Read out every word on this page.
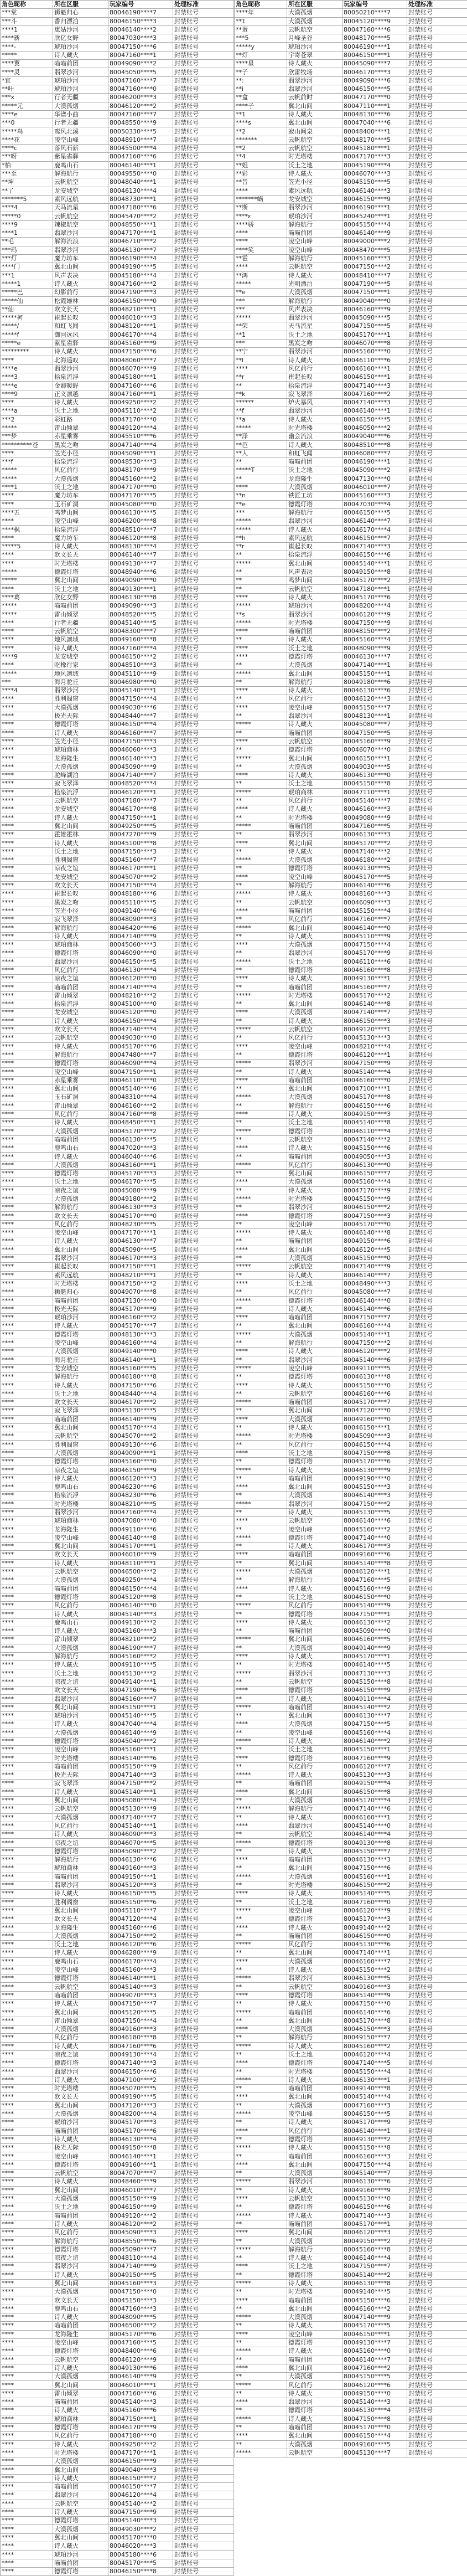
角色昵称	所在区服	玩家编号	处理标准
***棠	狮魁归心	80046190****7	封禁账号
***斗	香归漂泊	80046150****3	封禁账号
****1	崽姑沙河	80046140****2	封禁账号
****新	欣亿女野	80047030****3	封禁账号
****-	琥珀沙河	80047150****6	封禁账号
*****	诗人藏火	80047160****1	封禁账号
****翼	喵喵前团	80049090****2	封禁账号
****灵	翡翠沙河	80045050****5	封禁账号
*宜	琥珀沙河	80047160****7	封禁账号
**叶	琥珀沙河	80047160****0	封禁账号
***x	行者无疆	80046200****3	封禁账号
*****元	大漠孤烟	80046120****2	封禁账号
****e	华谱小曲	80047160****7	封禁账号
***0	行者无疆	80048550****9	封禁账号
*****鸟	鸾风北溪	80050330****5	封禁账号
****花	凌空山峰	80048910****7	封禁账号
****c	落风石新	80045500****4	封禁账号
***呀	紫星雀驿	80047160****6	封禁账号
*柏	鹿鸣山石	80046140****1	封禁账号
***至	解海航行	80049550****0	封禁账号
**坤	云帆航空	80048040****1	封禁账号
**了	龙安城空	80046130****4	封禁账号
*******5	素风远航	80048730****1	封禁账号
****4	天马流星	80047180****6	封禁账号
*****0	云帆航空	80045470****2	封禁账号
****9	辣椒航空	80048550****1	封禁账号
****1	翡翠沙河	80047170****1	封禁账号
**毛	解海流浪	80046710****2	封禁账号
***玛	翡翠沙河	80046130****7	封禁账号
***灯	魔力坊车	80046190****4	封禁账号
****门	冀北山间	80049190****5	封禁账号
***1	风声表决	80045180****4	封禁账号
*****1	诗人藏火	80047160****2	封禁账号
*****巴	幻影前行	80047190****3	封禁账号
*****仙	松霞雄林	80046150****0	封禁账号
**仙	欧文长天	80048210****1	封禁账号
*****柯	崔起长叹	80046010****3	封禁账号
*****/	和虹飞闻	80048120****1	封禁账号
*****f	御河远风	80046170****4	封禁账号
*****e	紫星雀驿	80045160****9	封禁账号
*********	诗人藏火	80047150****6	封禁账号
****	北海遥叹	80048060****7	封禁账号
****e	翡翠沙河	80046070****9	封禁账号
****3	拾泉流浮	80045180****1	封禁账号
****e	金卿暖野	80047160****6	封禁账号
****9	正义凛越	80047160****1	封禁账号
****	诗人藏火	80049250****2	封禁账号
****a	沃土之地	80045110****2	封禁账号
***2	彩虹路	80047170****0	封禁账号
*****	雷山倾翠	80049120****4	封禁账号
***梦	赤星乘雾	80045510****6	封禁账号
**********苍	黑炭之吻	80047140****4	封禁账号
****	笠光小径	80045090****1	封禁账号
***f	拾泉流浮	80048530****3	封禁账号
*****	风亿前行	80048170****9	封禁账号
*****	大漠孤烟	80045160****2	封禁账号
****1	沃土之地	80047170****0	封禁账号
****	魔力坊车	80047170****5	封禁账号
****	玉石矿洞	80045080****0	封禁账号
****五	鸣梦山间	80046130****5	封禁账号
****	凌空山峰	80046200****8	封禁账号
****枫	拾泉流浮	80048510****7	封禁账号
****	魔力坊车	80046120****8	封禁账号
*****5	诗人藏火	80048130****4	封禁账号
****	欧文长天	80046140****7	封禁账号
****	时光塔楼	80049130****7	封禁账号
*****	德霞灯塔	80048940****6	封禁账号
*****	冀北山间	80049090****0	封禁账号
****	沃土之地	80049130****1	封禁账号
****葛	欣亿女野	80046130****8	封禁账号
*****	喵喵前团	80049090****3	封禁账号
*****	雷山倾翠	80048520****5	封禁账号
****	行者无疆	80045140****5	封禁账号
****	云帆航空	80048300****7	封禁账号
****	地风凛域	80049160****8	封禁账号
****	诗人藏火	80047160****4	封禁账号
****9	龙安城空	80046150****2	封禁账号
****	吃橡行家	80048510****3	封禁账号
*****	地风凛域	80045110****9	封禁账号
***	海月驼丘	80046980****0	封禁账号
****4	翡翠沙河	80045140****1	封禁账号
****	胜利阁窗	80047150****4	封禁账号
****	大漠孤烟	80049030****6	封禁账号
****	极光天际	80048440****7	封禁账号
****	德霞灯塔	80046150****4	封禁账号
****	诗人藏火	80046160****7	封禁账号
****	笠光小径	80047150****3	封禁账号
****	琥珀商林	80046060****3	封禁账号
****	龙海隆生	80046140****3	封禁账号
****	大漠孤烟	80045090****9	封禁账号
****	驼峰湖泊	80047140****7	封禁账号
****	寂飞翠泽	80048520****4	封禁账号
****	拾泉流浮	80046120****1	封禁账号
****	云帆航空	80047180****7	封禁账号
****	龙安城空	80046170****8	封禁账号
****	诗人藏火	80047150****1	封禁账号
****	冀北山间	80049250****5	封禁账号
****	霍雄霍林	80047270****9	封禁账号
****	诗人藏火	80045100****8	封禁账号
****	沃土之地	80047150****3	封禁账号
****	胜利阁窗	80045160****7	封禁账号
****	凉夜之谊	80046170****1	封禁账号
****	龙安城空	80045070****2	封禁账号
****	欧文长天	80047150****4	封禁账号
****	崔起长叹	80048180****6	封禁账号
****	黑炭之吻	80045110****5	封禁账号
****	笠光小径	80049140****6	封禁账号
****	寂飞翠泽	80048090****3	封禁账号
****	解海航行	80046420****6	封禁账号
****	诗人藏火	80047140****9	封禁账号
****	琥珀商林	80045060****3	封禁账号
****	德霞灯塔	80046090****0	封禁账号
****	翡翠沙河	80046150****5	封禁账号
****	风亿前行	80046130****4	封禁账号
****	凉夜之谊	80046120****0	封禁账号
****	喵喵前团	80047140****4	封禁账号
****	雷山倾翠	80048210****2	封禁账号
****	拾泉流浮	80045100****0	封禁账号
****	龙安城空	80045120****0	封禁账号
****	诗人藏火	80046150****4	封禁账号
****	欧文长天	80047140****4	封禁账号
****	云帆航空	80049030****0	封禁账号
****	诗人藏火	80045170****6	封禁账号
****	解海航行	80047480****7	封禁账号
****	德霞灯塔	80046090****4	封禁账号
****	凌空山峰	80047150****1	封禁账号
****	赤星乘雾	80046110****0	封禁账号
****	冀北山间	80045140****6	封禁账号
****	玉石矿洞	80048310****4	封禁账号
****	雷山倾翠	80046160****2	封禁账号
****	风亿前行	80047160****8	封禁账号
****	诗人藏火	80048450****1	封禁账号
****	大漠孤烟	80045170****2	封禁账号
****	喵喵前团	80046130****5	封禁账号
****	鹿鸣山石	80047020****3	封禁账号
****	诗人藏火	80046040****6	封禁账号
****	大漠孤烟	80048160****1	封禁账号
****	德霞灯塔	80045170****3	封禁账号
****	沃土之地	80046170****5	封禁账号
****	凉夜之谊	80045080****9	封禁账号
****	大漠孤烟	80049180****2	封禁账号
****	解海航行	80046130****3	封禁账号
****	欧文长天	80045170****0	封禁账号
****	风亿前行	80048230****5	封禁账号
****	凌空山峰	80047170****1	封禁账号
****	诗人藏火	80046130****7	封禁账号
****	冀北山间	80045090****5	封禁账号
****	翡翠沙河	80046170****3	封禁账号
****	崔起长叹	80047150****1	封禁账号
****	素风远航	80048210****1	封禁账号
****	时光塔楼	80047150****2	封禁账号
****	狮魁归心	80049070****8	封禁账号
****	喵喵前团	80047130****0	封禁账号
****	极光天际	80045170****9	封禁账号
****	琥珀沙河	80046160****2	封禁账号
****	诗人藏火	80045170****7	封禁账号
****	德霞灯塔	80048130****3	封禁账号
****	凌空山峰	80046160****4	封禁账号
****	大漠孤烟	80049140****0	封禁账号
****	海月驼丘	80046140****1	封禁账号
****	龙安城空	80045160****5	封禁账号
****	解海航行	80046180****8	封禁账号
****	诗人藏火	80047150****6	封禁账号
****	沃土之地	80048440****4	封禁账号
****	欧文长天	80046170****2	封禁账号
****	寂飞翠泽	80045130****5	封禁账号
****	喵喵前团	80046140****9	封禁账号
****	冀北山间	80045170****4	封禁账号
****	云帆航空	80045070****2	封禁账号
****	胜利阁窗	80049130****6	封禁账号
****	大漠孤烟	80049090****1	封禁账号
****	德霞灯塔	80045160****0	封禁账号
****	凉夜之谊	80046150****9	封禁账号
****	诗人藏火	80046120****3	封禁账号
****	鹿鸣山石	80046230****6	封禁账号
****	拾泉流浮	80048230****6	封禁账号
****	时光塔楼	80048210****5	封禁账号
****	翡翠沙河	80047160****4	封禁账号
****	琥珀商林	80047080****0	封禁账号
****	龙海隆生	80049110****6	封禁账号
****	凌空山峰	80046140****8	封禁账号
****	冀北山间	80045170****1	封禁账号
****	欧文长天	80046010****9	封禁账号
****	诗人藏火	80048110****1	封禁账号
****	云帆航空	80046500****2	封禁账号
****	大漠孤烟	80049250****4	封禁账号
****	喵喵前团	80046150****4	封禁账号
****	德霞灯塔	80045120****8	封禁账号
****	风亿前行	80046140****0	封禁账号
****	诗人藏火	80045140****3	封禁账号
****	鹿鸣山石	80049130****2	封禁账号
****	诗人藏火	80045160****3	封禁账号
****	雷山倾翠	80048210****2	封禁账号
****	大漠孤烟	80046190****7	封禁账号
****	解海航行	80045160****2	封禁账号
****	诗人藏火	80049110****5	封禁账号
****	沃土之地	80045130****2	封禁账号
****	凉夜之谊	80049140****1	封禁账号
****	欧文长天	80047190****6	封禁账号
****	翡翠沙河	80045160****7	封禁账号
****	冀北山间	80045150****1	封禁账号
****	琥珀沙河	80045140****5	封禁账号
****	诗人藏火	80047040****4	封禁账号
****	大漠孤烟	80046140****9	封禁账号
****	德霞灯塔	80045040****2	封禁账号
****	凌空山峰	80045160****1	封禁账号
****	时光塔楼	80045140****6	封禁账号
****	喵喵前团	80045150****9	封禁账号
****	极光天际	80047140****3	封禁账号
****	寂飞翠泽	80047150****2	封禁账号
****	诗人藏火	80045140****1	封禁账号
****	冀北山间	80045080****4	封禁账号
****	云帆航空	80045130****9	封禁账号
****	大漠孤烟	80047140****7	封禁账号
****	风亿前行	80045140****1	封禁账号
****	诗人藏火	80046090****3	封禁账号
****	凉夜之谊	80046070****5	封禁账号
****	德霞灯塔	80045090****2	封禁账号
****	解海航行	80046130****6	封禁账号
****	琥珀商林	80049160****3	封禁账号
****	喵喵前团	80049150****1	封禁账号
****	翡翠沙河	80045120****3	封禁账号
****	诗人藏火	80046150****5	封禁账号
****	胜利阁窗	80045150****6	封禁账号
****	冀北山间	80045110****7	封禁账号
****	欧文长天	80047120****4	封禁账号
****	龙海隆生	80045160****6	封禁账号
****	大漠孤烟	80047150****2	封禁账号
****	沃土之地	80046120****6	封禁账号
****	诗人藏火	80046280****9	封禁账号
****	鹿鸣山石	80046170****4	封禁账号
****	凌空山峰	80045160****3	封禁账号
****	德霞灯塔	80046140****1	封禁账号
****	云帆航空	80045140****3	封禁账号
****	喵喵前团	80049070****3	封禁账号
****	诗人藏火	80047150****7	封禁账号
****	冀北山间	80045120****5	封禁账号
****	雷山倾翠	80047150****4	封禁账号
****	大漠孤烟	80049160****3	封禁账号
****	风亿前行	80046180****8	封禁账号
****	诗人藏火	80047160****6	封禁账号
****	凉夜之谊	80049130****4	封禁账号
****	德霞灯塔	80047140****3	封禁账号
****	翡翠沙河	80046150****6	封禁账号
****	诗人藏火	80047100****2	封禁账号
****	时光塔楼	80045070****5	封禁账号
****	欧文长天	80049190****5	封禁账号
****	冀北山间	80047120****3	封禁账号
****	大漠孤烟	80048200****4	封禁账号
****	琥珀沙河	80045170****3	封禁账号
****	喵喵前团	80045170****6	封禁账号
****	诗人藏火	80046130****4	封禁账号
****	极光天际	80049150****8	封禁账号
****	凌空山峰	80046140****1	封禁账号
****	德霞灯塔	80049160****1	封禁账号
****	云帆航空	80047070****7	封禁账号
****	诗人藏火	80048460****9	封禁账号
****	冀北山间	80046010****7	封禁账号
****	大漠孤烟	80045150****9	封禁账号
****	沃土之地	80046150****9	封禁账号
****	喵喵前团	80049120****2	封禁账号
****	诗人藏火	80046120****2	封禁账号
****	风亿前行	80045090****3	封禁账号
****	解海航行	80048550****6	封禁账号
****	德霞灯塔	80045090****7	封禁账号
****	凉夜之谊	80048110****4	封禁账号
****	翡翠沙河	80047140****9	封禁账号
****	诗人藏火	80049150****5	封禁账号
****	冀北山间	80045160****3	封禁账号
****	大漠孤烟	80047150****0	封禁账号
****	欧文长天	80045150****3	封禁账号
****	鹿鸣山石	80047160****3	封禁账号
****	诗人藏火	80048090****5	封禁账号
****	喵喵前团	80046500****2	封禁账号
****	龙海隆生	80045170****6	封禁账号
****	凌空山峰	80047160****5	封禁账号
****	德霞灯塔	80048400****6	封禁账号
****	云帆航空	80046120****9	封禁账号
****	诗人藏火	80049130****6	封禁账号
****	大漠孤烟	80046140****9	封禁账号
****	冀北山间	80046010****1	封禁账号
****	雷山倾翠	80047160****6	封禁账号
****	喵喵前团	80045140****3	封禁账号
****	诗人藏火	80045160****6	封禁账号
****	琥珀商林	80047150****1	封禁账号
****	德霞灯塔	80046170****9	封禁账号
****	风亿前行	80047180****0	封禁账号
****	诗人藏火	80049250****2	封禁账号
****	时光塔楼	80047170****1	封禁账号
****	大漠孤烟	80046150****9	封禁账号
****	冀北山间	80049040****3	封禁账号
****	诗人藏火	80046150****7	封禁账号
****	喵喵前团	80046150****7	封禁账号
****	翡翠沙河	80046120****4	封禁账号
****	云帆航空	80045140****2	封禁账号
****	诗人藏火	80047150****9	封禁账号
****	德霞灯塔	80045140****3	封禁账号
****	大漠孤烟	80049030****2	封禁账号
****	冀北山间	80045170****0	封禁账号
****	诗人藏火	80046020****3	封禁账号
****	琥珀沙河	80045180****6	封禁账号
****	喵喵前团	80045170****5	封禁账号
****	德霞灯塔	80046150****8	封禁账号
角色昵称	所在区服	玩家编号	处理标准
****年	大漠孤烟	80050210****7	封禁账号
**1	大漠孤烟	80045120****9	封禁账号
**蛋	云帆航空	80047160****6	封禁账号
***5	月峰圣谷	80048170****5	封禁账号
*****y	琥珀沙河	80046190****1	封禁账号
**灯	宇寄苍翠	80046150****1	封禁账号
****星	诗人藏火	80045090****7	封禁账号
**子	欣雷牧场	80046170****3	封禁账号
**:	翡翠沙河	80049090****6	封禁账号
**i	翡翠沙河	80046150****5	封禁账号
**盒	云帆前时	80047170****0	封禁账号
****子	冀北山间	80047110****1	封禁账号
**1	诗人藏火	80048130****6	封禁账号
****s	冀北山间	80047040****6	封禁账号
**2	寂山间泉	80048400****1	封禁账号
*******	云帆航空	80048170****5	封禁账号
**2	云帆航空	80045180****1	封禁账号
**4	时光塔楼	80047170****3	封禁账号
**姐	沃土之地	80045190****4	封禁账号
**彩	诗人藏火	80046070****3	封禁账号
**昔	笠光小径	80045150****5	封禁账号
****	素风远航	80046140****3	封禁账号
*******蜗	龙安城空	80046150****9	封禁账号
**斯	翡翠沙河	80046190****1	封禁账号
****ε	琥珀沙河	80045240****1	封禁账号
****骄	解海航行	80045150****4	封禁账号
****	喵喵前团	80046140****9	封禁账号
****	凌空山峰	80049000****2	封禁账号
****笑	凌空山峰	80048470****5	封禁账号
**霍	解海航行	80045160****3	封禁账号
****	云帆航空	80047150****2	封禁账号
**鸿	诗人藏火	80048410****7	封禁账号
*****	光明漂泊	80047190****5	封禁账号
**e	大漠孤烟	80047150****1	封禁账号
***	解海航行	80049040****0	封禁账号
***	风声表决	80046160****9	封禁账号
*****	翡翠沙河	80045090****5	封禁账号
**荣	天马流星	80047150****5	封禁账号
**1	沃土之地	80045170****1	封禁账号
***	黑炭之吻	80046070****8	封禁账号
**宁	翡翠沙河	80045160****0	封禁账号
**l	诗人藏火	80046110****6	封禁账号
****	风亿前行	80046160****1	封禁账号
**r	崔起长叹	80046150****1	封禁账号
**	拾泉流浮	80047140****3	封禁账号
**k	寂飞翠泽	80047160****2	封禁账号
******	炉火暴风	80047140****3	封禁账号
**f	翡翠沙河	80046140****1	封禁账号
**a	诗人藏火	80046150****5	封禁账号
*****	时光塔楼	80046050****2	封禁账号
**泽	幽会流浪	80049040****6	封禁账号
**芭	诗人藏火	80048510****8	封禁账号
**人	和虹飞闻	80046080****7	封禁账号
**	喵喵前团	80046190****1	封禁账号
*****T	沃土之地	80045090****2	封禁账号
**	龙海隆生	80047130****0	封禁账号
****	大漠孤烟	80046010****7	封禁账号
**n	铁匠工坊	80045160****3	封禁账号
**e	德霞灯塔	80047030****4	封禁账号
***	解海航行	80046150****5	封禁账号
*****	翡翠沙河	80046140****7	封禁账号
*****	诗人藏火	80046170****4	封禁账号
**h	素风远航	80046150****7	封禁账号
**r	崔起长叹	80047140****3	封禁账号
**	拾泉流浮	80046150****6	封禁账号
*****	冀北山间	80045140****1	封禁账号
**	风声表决	80049150****8	封禁账号
**	鸣梦山间	80045170****2	封禁账号
**	云帆航空	80047180****1	封禁账号
****	诗人藏火	80045170****6	封禁账号
*****	琥珀沙河	80048200****4	封禁账号
**s	翡翠沙河	80046120****9	封禁账号
*****	时光塔楼	80047150****9	封禁账号
****	喵喵前团	80048150****2	封禁账号
**	诗人藏火	80045160****4	封禁账号
****	沃土之地	80048090****9	封禁账号
****	德霞灯塔	80046130****7	封禁账号
**	大漠孤烟	80047140****1	封禁账号
*****	冀北山间	80045150****1	封禁账号
**	解海航行	80049180****6	封禁账号
****	诗人藏火	80046130****6	封禁账号
**	风亿前行	80046120****3	封禁账号
****	凌空山峰	80045150****7	封禁账号
**	翡翠沙河	80048130****1	封禁账号
*****	诗人藏火	80045080****7	封禁账号
**	喵喵前团	80047150****5	封禁账号
****	云帆航空	80045160****9	封禁账号
**	德霞灯塔	80046070****0	封禁账号
*****	冀北山间	80046150****1	封禁账号
**	大漠孤烟	80049030****5	封禁账号
****	诗人藏火	80046130****0	封禁账号
**	沃土之地	80045150****8	封禁账号
*****	琥珀商林	80047110****1	封禁账号
**	风亿前行	80045140****7	封禁账号
****	诗人藏火	80046160****3	封禁账号
**	时光塔楼	80049080****9	封禁账号
*****	喵喵前团	80047160****5	封禁账号
**	翡翠沙河	80046130****3	封禁账号
****	冀北山间	80045170****2	封禁账号
**	诗人藏火	80047140****2	封禁账号
*****	大漠孤烟	80046180****2	封禁账号
**	德霞灯塔	80049130****5	封禁账号
****	凌空山峰	80045170****5	封禁账号
**	解海航行	80046140****6	封禁账号
*****	诗人藏火	80048160****3	封禁账号
**	云帆航空	80046090****3	封禁账号
****	喵喵前团	80045150****4	封禁账号
**	风亿前行	80047160****7	封禁账号
*****	冀北山间	80046140****0	封禁账号
**	诗人藏火	80045110****9	封禁账号
****	大漠孤烟	80047150****4	封禁账号
**	翡翠沙河	80045170****9	封禁账号
*****	沃土之地	80046110****6	封禁账号
**	德霞灯塔	80046160****8	封禁账号
****	诗人藏火	80049130****1	封禁账号
**	喵喵前团	80045160****7	封禁账号
*****	时光塔楼	80045170****2	封禁账号
**	冀北山间	80046140****8	封禁账号
****	大漠孤烟	80047140****7	封禁账号
**	诗人藏火	80046150****3	封禁账号
*****	云帆航空	80049120****1	封禁账号
**	风亿前行	80045130****3	封禁账号
****	凌空山峰	80048210****4	封禁账号
**	德霞灯塔	80046120****1	封禁账号
*****	翡翠沙河	80047150****9	封禁账号
**	诗人藏火	80045140****4	封禁账号
****	喵喵前团	80046160****0	封禁账号
**	冀北山间	80047100****1	封禁账号
*****	大漠孤烟	80045170****8	封禁账号
**	解海航行	80046150****6	封禁账号
****	诗人藏火	80049150****3	封禁账号
**	沃土之地	80045140****8	封禁账号
*****	德霞灯塔	80046110****4	封禁账号
**	云帆航空	80047140****2	封禁账号
****	诗人藏火	80045150****6	封禁账号
**	喵喵前团	80049050****3	封禁账号
*****	风亿前行	80046130****0	封禁账号
**	冀北山间	80046150****7	封禁账号
****	大漠孤烟	80045160****4	封禁账号
**	诗人藏火	80047170****9	封禁账号
*****	时光塔楼	80045150****9	封禁账号
**	翡翠沙河	80046150****2	封禁账号
****	德霞灯塔	80047150****3	封禁账号
**	凌空山峰	80045170****0	封禁账号
*****	诗人藏火	80046140****8	封禁账号
**	喵喵前团	80049150****6	封禁账号
****	冀北山间	80046120****5	封禁账号
**	大漠孤烟	80045150****0	封禁账号
*****	云帆航空	80047140****9	封禁账号
**	诗人藏火	80046140****7	封禁账号
****	沃土之地	80048490****3	封禁账号
**	风亿前行	80045080****7	封禁账号
*****	德霞灯塔	80046140****0	封禁账号
**	诗人藏火	80045140****6	封禁账号
****	喵喵前团	80047150****7	封禁账号
**	冀北山间	80046160****4	封禁账号
*****	大漠孤烟	80045140****1	封禁账号
**	解海航行	80047150****2	封禁账号
****	诗人藏火	80046120****2	封禁账号
**	翡翠沙河	80045140****6	封禁账号
*****	凌空山峰	80049110****5	封禁账号
**	德霞灯塔	80046130****8	封禁账号
****	诗人藏火	80045150****0	封禁账号
**	云帆航空	80046160****6	封禁账号
*****	喵喵前团	80045170****7	封禁账号
**	冀北山间	80047120****0	封禁账号
****	大漠孤烟	80049160****0	封禁账号
**	诗人藏火	80046150****1	封禁账号
*****	时光塔楼	80045090****3	封禁账号
**	风亿前行	80046150****4	封禁账号
****	沃土之地	80047150****8	封禁账号
**	德霞灯塔	80045170****6	封禁账号
*****	诗人藏火	80046130****9	封禁账号
**	喵喵前团	80049190****0	封禁账号
****	冀北山间	80045150****3	封禁账号
**	大漠孤烟	80046140****3	封禁账号
*****	翡翠沙河	80047150****2	封禁账号
**	诗人藏火	80045130****5	封禁账号
****	云帆航空	80046140****6	封禁账号
**	凌空山峰	80045160****2	封禁账号
*****	德霞灯塔	80047140****0	封禁账号
**	诗人藏火	80046170****3	封禁账号
****	喵喵前团	80049160****6	封禁账号
**	冀北山间	80045140****8	封禁账号
*****	大漠孤烟	80046120****1	封禁账号
**	解海航行	80047160****5	封禁账号
****	诗人藏火	80045160****9	封禁账号
**	沃土之地	80046150****0	封禁账号
*****	风亿前行	80045140****9	封禁账号
**	德霞灯塔	80047150****1	封禁账号
****	诗人藏火	80046130****2	封禁账号
**	喵喵前团	80045090****0	封禁账号
*****	冀北山间	80046160****5	封禁账号
**	大漠孤烟	80049140****9	封禁账号
****	诗人藏火	80045170****1	封禁账号
**	时光塔楼	80046140****5	封禁账号
*****	翡翠沙河	80047130****3	封禁账号
**	云帆航空	80045150****8	封禁账号
****	德霞灯塔	80046150****9	封禁账号
**	诗人藏火	80049110****4	封禁账号
*****	喵喵前团	80045140****2	封禁账号
**	冀北山间	80046130****7	封禁账号
****	大漠孤烟	80047150****5	封禁账号
**	凌空山峰	80045160****4	封禁账号
*****	诗人藏火	80046140****2	封禁账号
**	沃土之地	80045150****1	封禁账号
****	德霞灯塔	80047160****9	封禁账号
**	风亿前行	80046120****7	封禁账号
*****	诗人藏火	80045130****3	封禁账号
**	喵喵前团	80049150****4	封禁账号
****	冀北山间	80046150****8	封禁账号
**	大漠孤烟	80045170****4	封禁账号
*****	解海航行	80047140****6	封禁账号
**	诗人藏火	80046160****1	封禁账号
****	翡翠沙河	80045140****0	封禁账号
**	云帆航空	80046140****4	封禁账号
*****	德霞灯塔	80049130****8	封禁账号
**	诗人藏火	80045150****7	封禁账号
****	喵喵前团	80046130****3	封禁账号
**	冀北山间	80047150****6	封禁账号
*****	大漠孤烟	80045160****1	封禁账号
**	时光塔楼	80046150****2	封禁账号
****	诗人藏火	80045140****5	封禁账号
**	沃土之地	80047160****0	封禁账号
*****	凌空山峰	80046120****9	封禁账号
**	德霞灯塔	80045170****3	封禁账号
****	诗人藏火	80049140****2	封禁账号
**	喵喵前团	80046150****0	封禁账号
*****	风亿前行	80045130****6	封禁账号
**	冀北山间	80047140****1	封禁账号
****	大漠孤烟	80046160****7	封禁账号
**	诗人藏火	80045150****2	封禁账号
*****	翡翠沙河	80046130****5	封禁账号
**	云帆航空	80049160****3	封禁账号
****	德霞灯塔	80045140****9	封禁账号
**	诗人藏火	80047150****0	封禁账号
*****	喵喵前团	80046140****6	封禁账号
**	冀北山间	80045170****8	封禁账号
****	大漠孤烟	80046150****3	封禁账号
**	解海航行	80049150****7	封禁账号
*****	诗人藏火	80045160****2	封禁账号
**	沃土之地	80046120****4	封禁账号
****	德霞灯塔	80047140****5	封禁账号
**	时光塔楼	80045150****4	封禁账号
*****	诗人藏火	80046130****1	封禁账号
**	喵喵前团	80049140****8	封禁账号
****	冀北山间	80045140****4	封禁账号
**	大漠孤烟	80047160****3	封禁账号
*****	凌空山峰	80046150****5	封禁账号
**	诗人藏火	80045170****9	封禁账号
****	风亿前行	80046140****1	封禁账号
**	德霞灯塔	80049130****2	封禁账号
*****	诗人藏火	80045150****8	封禁账号
**	喵喵前团	80046160****3	封禁账号
****	冀北山间	80047150****4	封禁账号
**	大漠孤烟	80045140****7	封禁账号
*****	翡翠沙河	80046130****6	封禁账号
**	诗人藏火	80049160****9	封禁账号
****	云帆航空	80045130****0	封禁账号
**	德霞灯塔	80046150****6	封禁账号
*****	诗人藏火	80047140****3	封禁账号
**	喵喵前团	80045170****1	封禁账号
****	冀北山间	80046120****3	封禁账号
**	大漠孤烟	80049150****2	封禁账号
*****	解海航行	80045160****8	封禁账号
**	诗人藏火	80046140****4	封禁账号
****	沃土之地	80047150****7	封禁账号
**	德霞灯塔	80045140****2	封禁账号
*****	诗人藏火	80046130****8	封禁账号
**	时光塔楼	80049140****5	封禁账号
****	喵喵前团	80045150****6	封禁账号
**	冀北山间	80046160****2	封禁账号
*****	大漠孤烟	80047140****9	封禁账号
**	诗人藏火	80045170****5	封禁账号
****	凌空山峰	80046150****1	封禁账号
**	德霞灯塔	80049130****7	封禁账号
*****	诗人藏火	80045160****0	封禁账号
**	喵喵前团	80046140****7	封禁账号
****	冀北山间	80047160****2	封禁账号
**	大漠孤烟	80045150****5	封禁账号
*****	风亿前行	80046120****6	封禁账号
**	诗人藏火	80049150****0	封禁账号
****	翡翠沙河	80045140****3	封禁账号
**	德霞灯塔	80046130****4	封禁账号
*****	诗人藏火	80047150****8	封禁账号
**	喵喵前团	80045170****0	封禁账号
****	冀北山间	80046150****4	封禁账号
**	大漠孤烟	80049160****5	封禁账号
*****	云帆航空	80045130****7	封禁账号
